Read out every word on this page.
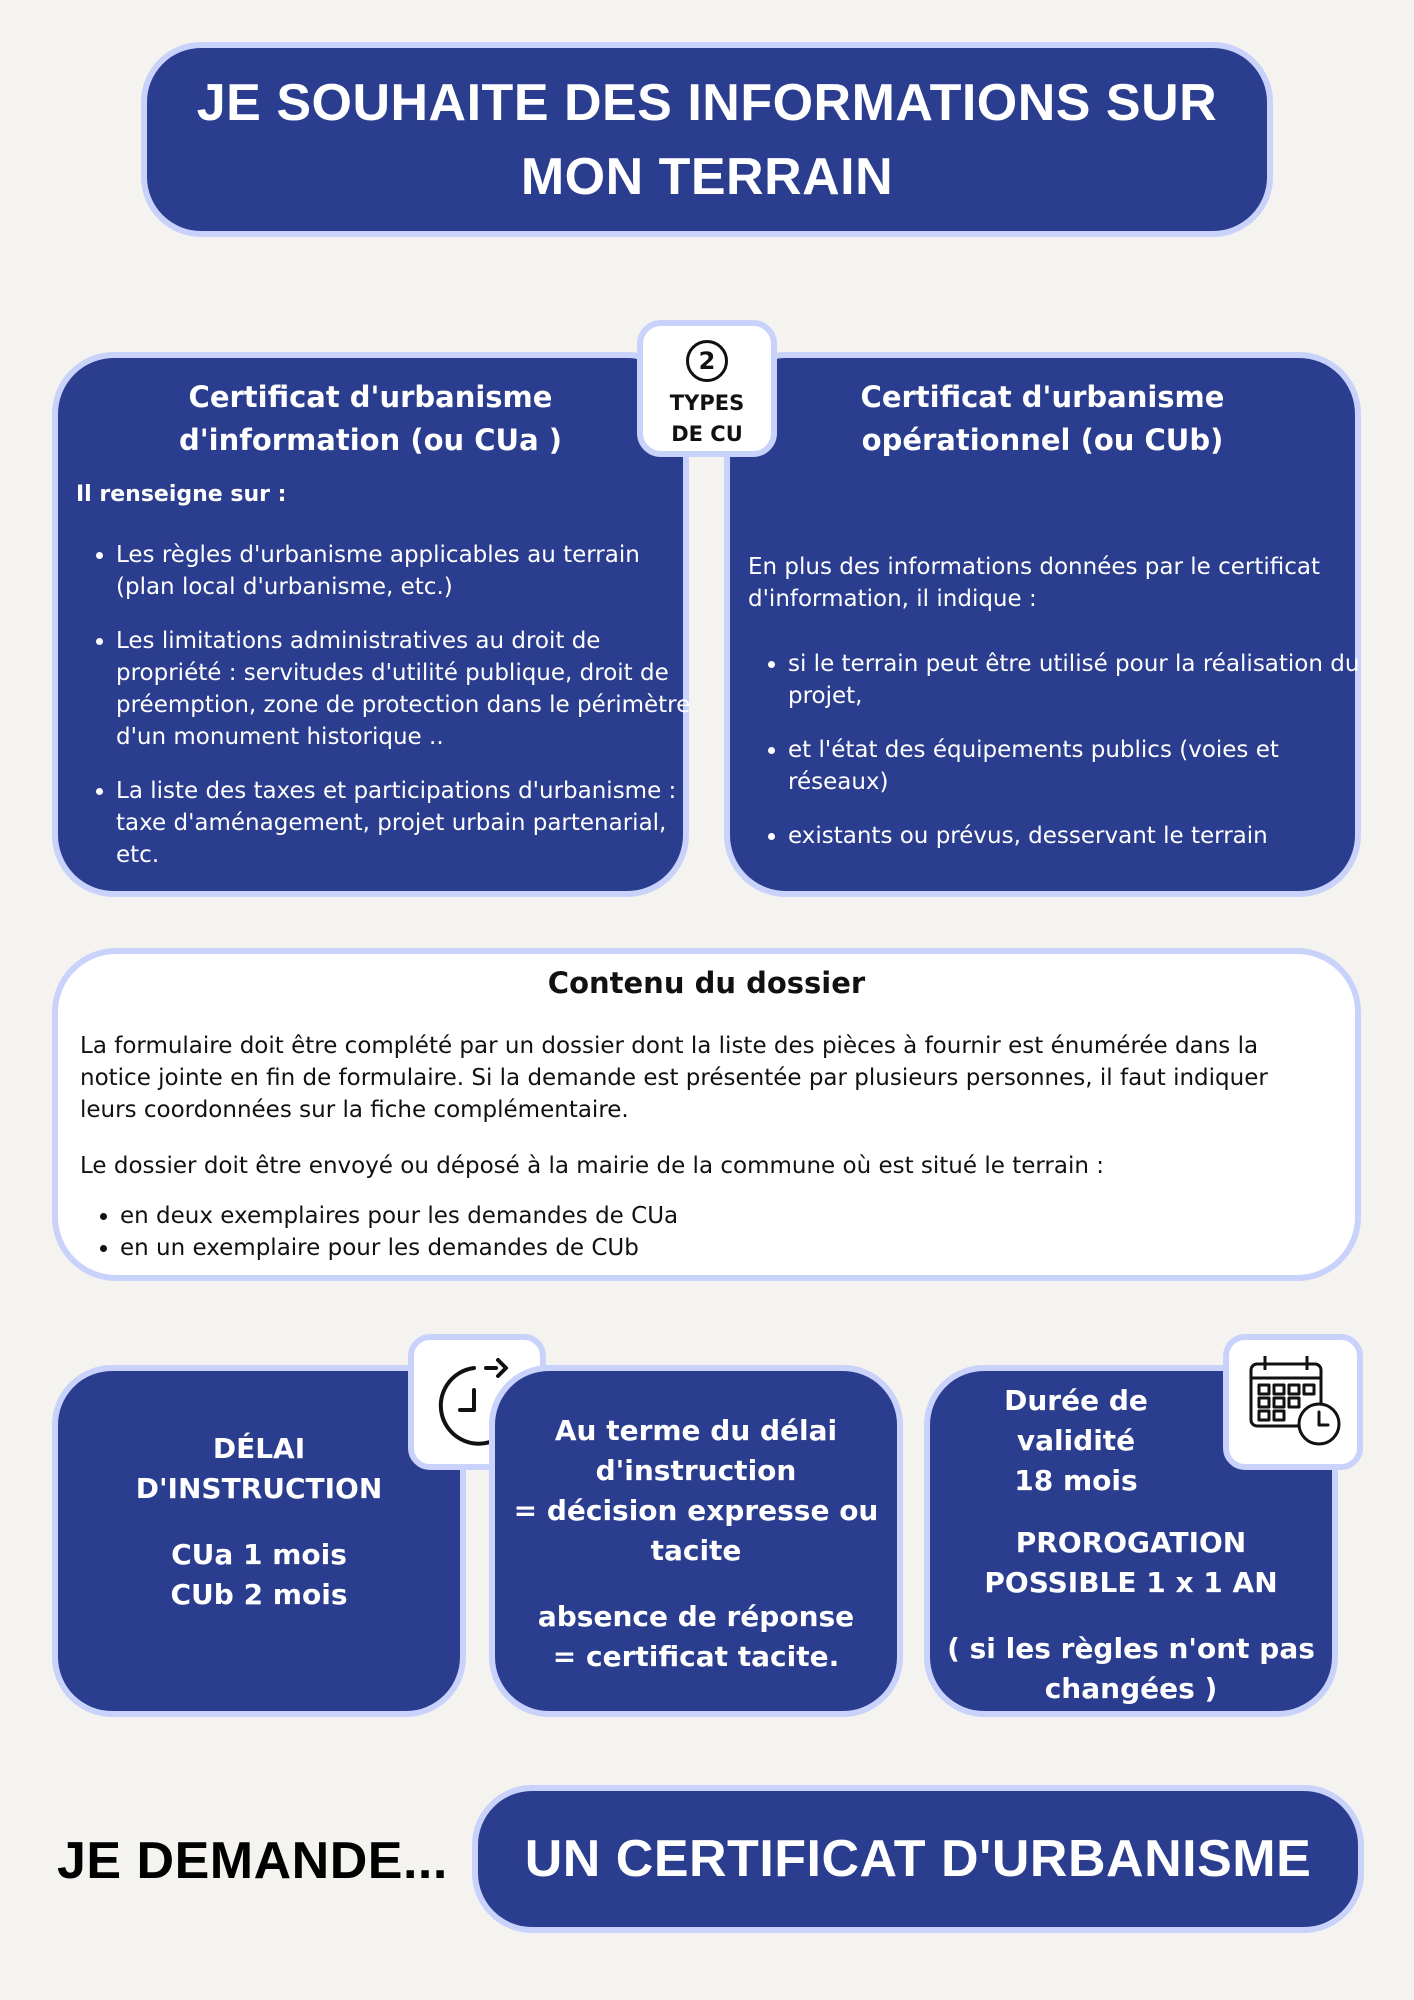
JE SOUHAITE DES INFORMATIONS SUR MON TERRAIN
Certificat d'urbanisme d'information (ou CUa )

Il renseigne sur :

• Les règles d'urbanisme applicables au terrain (plan local d'urbanisme, etc.)
• Les limitations administratives au droit de propriété : servitudes d'utilité publique, droit de préemption, zone de protection dans le périmètre d'un monument historique ..
• La liste des taxes et participations d'urbanisme : taxe d'aménagement, projet urbain partenarial, etc.
Certificat d'urbanisme opérationnel (ou CUb)

En plus des informations données par le certificat d'information, il indique :

• si le terrain peut être utilisé pour la réalisation du projet,
• et l'état des équipements publics (voies et réseaux)
• existants ou prévus, desservant le terrain
2
TYPES DE CU
Contenu du dossier

La formulaire doit être complété par un dossier dont la liste des pièces à fournir est énumérée dans la notice jointe en fin de formulaire. Si la demande est présentée par plusieurs personnes, il faut indiquer leurs coordonnées sur la fiche complémentaire.

Le dossier doit être envoyé ou déposé à la mairie de la commune où est situé le terrain :

• en deux exemplaires pour les demandes de CUa
• en un exemplaire pour les demandes de CUb
DÉLAI
D'INSTRUCTION
CUa 1 mois
CUb 2 mois
Au terme du délai
d'instruction
= décision expresse ou
tacite
absence de réponse
= certificat tacite.
Durée de
validité
18 mois
PROROGATION
POSSIBLE 1 x 1 AN
( si les règles n'ont pas
changées )
JE DEMANDE... UN CERTIFICAT D'URBANISME
